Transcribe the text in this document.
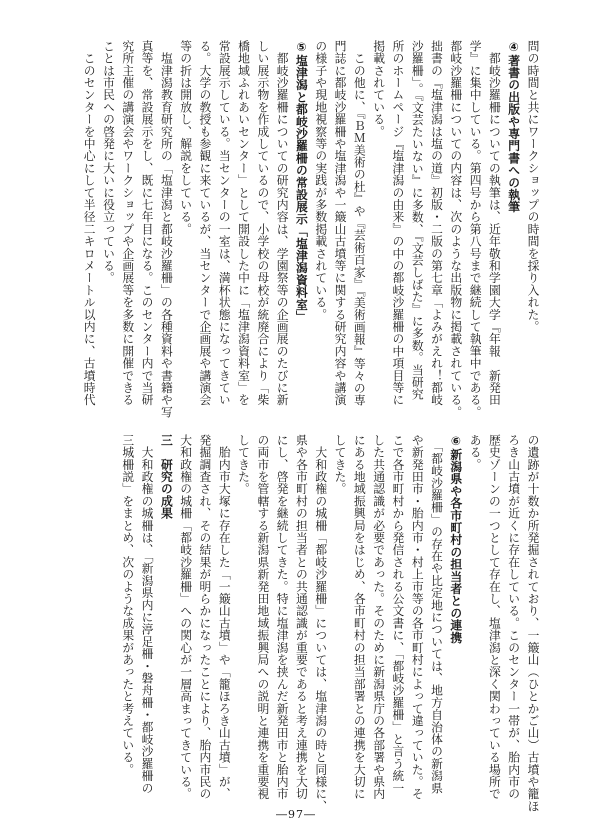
問の時間と共にワークショップの時間を採り入れた。
④著書の出版や専門書への執筆
　都岐沙羅柵についての執筆は、近年敬和学園大学『年報　新発田
学』に集中している。第四号から第八号まで継続して執筆中である。
都岐沙羅柵についての内容は、次のような出版物に掲載されている。
拙書の『塩津潟は塩の道』初版・二版の第七章「よみがえれ！都岐
沙羅柵」。『文芸たいない』に多数、『文芸しばた』に多数。当研究
所のホームページ『塩津潟の由来』の中の都岐沙羅柵の中項目等に
掲載されている。
　この他に、『ＢＭ美術の杜』や『芸術百家』『美術画報』等々の専
門誌に都岐沙羅柵や塩津潟や一簸山古墳等に関する研究内容や講演
の様子や現地視察等の実践が多数掲載されている。
⑤塩津潟と都岐沙羅柵の常設展示「塩津潟資料室」
　都岐沙羅柵についての研究内容は、学園祭等の企画展のたびに新
しい展示物を作成しているので、小学校の母校が統廃合により「柴
橋地域ふれあいセンター」として開設した中に「塩津潟資料室」を
常設展示している。当センターの一室は、満杯状態になってきてい
る。大学の教授も参観に来ているが、当センターで企画展や講演会
等の折は開放し、解説をしている。
　塩津潟教育研究所の「塩津潟と都岐沙羅柵」の各種資料や書籍や写
真等を、常設展示をし、既に七年目になる。このセンター内で当研
究所主催の講演会やワークショップや企画展等を多数に開催できる
ことは市民への啓発に大いに役立っている。
　このセンターを中心にして半径二キロメートル以内に、古墳時代
の遺跡が十数か所発掘されており、一簸山（ひとかご山）古墳や籠ほ
ろき山古墳が近くに存在している。このセンター一帯が、胎内市の
歴史ゾーンの一つとして存在し、塩津潟と深く関わっている場所で
ある。
⑥新潟県や各市町村の担当者との連携
　「都岐沙羅柵」の存在や比定地については、地方自治体の新潟県
や新発田市・胎内市・村上市等の各市町村によって違っていた。そ
こで各市町村から発信される公文書に、「都岐沙羅柵」と言う統一
した共通認識が必要であった。そのために新潟県庁の各部署や県内
にある地域振興局をはじめ、各市町村の担当部署との連携を大切に
してきた。
　大和政権の城柵「都岐沙羅柵」については、塩津潟の時と同様に、
県や各市町村の担当者との共通認識が重要であると考え連携を大切
にし、啓発を継続してきた。特に塩津潟を挟んだ新発田市と胎内市
の両市を管轄する新潟県新発田地域振興局への説明と連携を重要視
してきた。
　胎内市大塚に存在した「一簸山古墳」や「籠ほろき山古墳」が、
発掘調査され、その結果が明らかになったことにより、胎内市民の
大和政権の城柵「都岐沙羅柵」への関心が一層高まってきている。
三　研究の成果
　大和政権の城柵は、「新潟県内に渟足柵・磐舟柵・都岐沙羅柵の
三城柵説」をまとめ、次のような成果があったと考えている。
―97―
